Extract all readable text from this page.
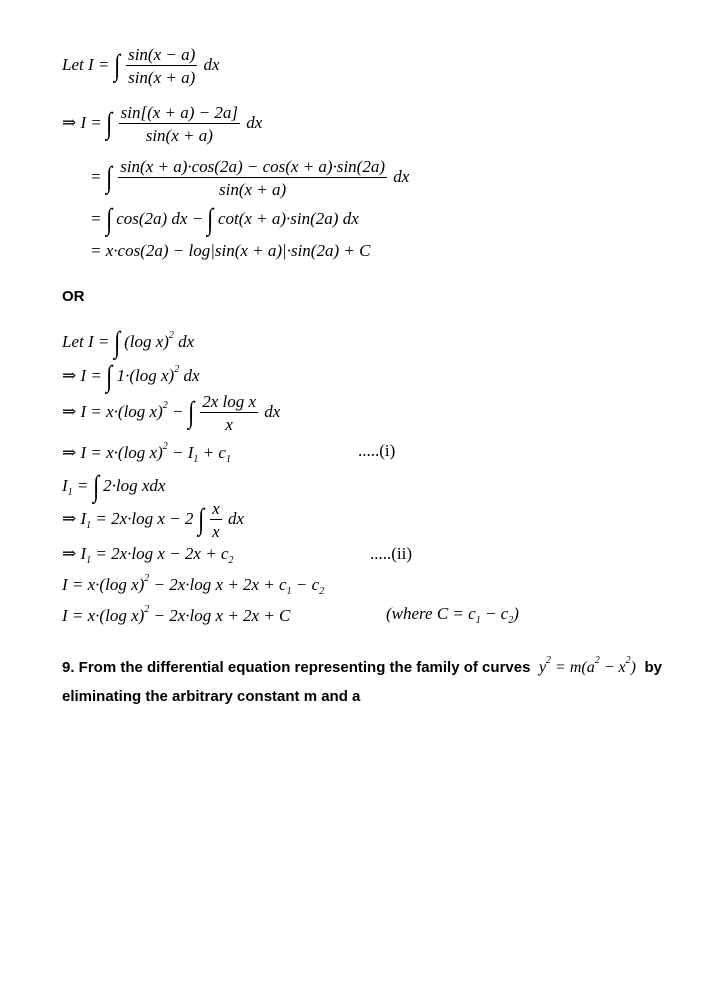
Let I = ∫ $\frac{\sin(x - a)}{\sin(x + a)}$ dx
⇒ I = ∫ $\frac{\sin[(x + a) - 2a]}{\sin(x + a)}$ dx
= ∫ $\frac{\sin(x + a)\cdot\cos(2a) - \cos(x + a)\cdot\sin(2a)}{\sin(x + a)}$ dx
= ∫ cos(2a) dx − ∫ cot(x + a)·sin(2a) dx
= x·cos(2a) − log|sin(x + a)|·sin(2a) + C
OR
Let I = ∫ (log x)$^2$ dx
⇒ I = ∫ 1·(log x)$^2$ dx
⇒ I = x·(log x)$^2$ − ∫ $\frac{\text{2x log x}}{x}$ dx
⇒ I = x·(log $x)^2 - I_1 + c_1$	.....(i)
$I_1$ = ∫ 2·log xdx
⇒ $I_1 = 2x\cdot\log$ x − 2 ∫ $\frac{x}{x}$ dx
⇒ $I_1 = 2x\cdot\log$ $x - 2x + c_2$	.....(ii)
I = x·(log x)$^2$ − 2x·log $x + 2x + c_1 - c_2$
I = x·(log x)$^2$ − 2x·log x + 2x + C	(where $C = c_1 - c_2$)
9. From the differential equation representing the family of curves $y^2 = m(a^2 - x^2)$ by
eliminating the arbitrary constant m and a
